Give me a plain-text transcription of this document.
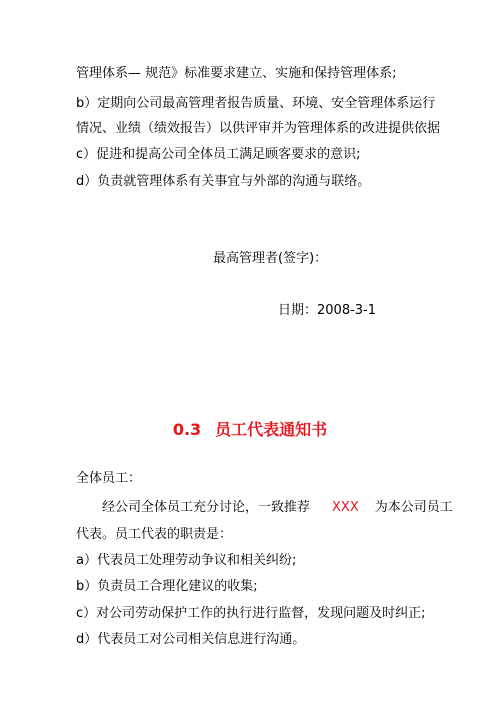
管理体系— 规范》标准要求建立、实施和保持管理体系;
b）定期向公司最高管理者报告质量、环境、安全管理体系运行
情况、业绩（绩效报告）以供评审并为管理体系的改进提供依据
c）促进和提高公司全体员工满足顾客要求的意识;
d）负责就管理体系有关事宜与外部的沟通与联络。
最高管理者(签字)：
日期：2008-3-1
0.3 员工代表通知书
全体员工：
经公司全体员工充分讨论，一致推荐 XXX 为本公司员工
代表。员工代表的职责是：
a）代表员工处理劳动争议和相关纠纷;
b）负责员工合理化建议的收集;
c）对公司劳动保护工作的执行进行监督，发现问题及时纠正;
d）代表员工对公司相关信息进行沟通。
